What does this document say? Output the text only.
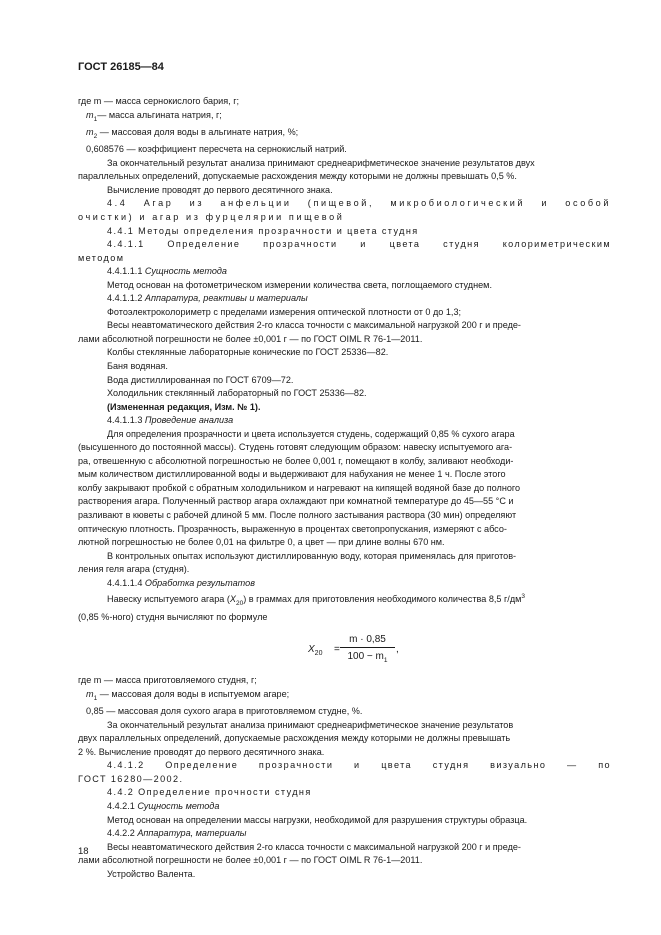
ГОСТ 26185—84

где m — масса сернокислого бария, г;

$m_1—$ масса альгината натрия, г;

$m_2$ — массовая доля воды в альгинате натрия, %;

0,608576 — коэффициент пересчета на сернокислый натрий.

За окончательный результат анализа принимают среднеарифметическое значение результатов двух

параллельных определений, допускаемые расхождения между которыми не должны превышать 0,5 %.

Вычисление проводят до первого десятичного знака.

4.4 Агар из анфельции (пищевой, микробиологический и особой

очистки) и агар из фурцелярии пищевой

4.4.1 Методы определения прозрачности и цвета студня

4.4.1.1 Определение прозрачности и цвета студня колориметрическим

методом

4.4.1.1.1 Сущность метода

Метод основан на фотометрическом измерении количества света, поглощаемого студнем.

4.4.1.1.2 Аппаратура, реактивы и материалы

Фотоэлектроколориметр с пределами измерения оптической плотности от 0 до 1,3;

Весы неавтоматического действия 2-го класса точности с максимальной нагрузкой 200 г и преде-

лами абсолютной погрешности не более ±0,001 г — по ГОСТ OIML R 76-1—2011.

Колбы стеклянные лабораторные конические по ГОСТ 25336—82.

Баня водяная.

Вода дистиллированная по ГОСТ 6709—72.

Холодильник стеклянный лабораторный по ГОСТ 25336—82.

(Измененная редакция, Изм. № 1).

4.4.1.1.3 Проведение анализа

Для определения прозрачности и цвета используется студень, содержащий 0,85 % сухого агара

(высушенного до постоянной массы). Студень готовят следующим образом: навеску испытуемого ага-

ра, отвешенную с абсолютной погрешностью не более 0,001 г, помещают в колбу, заливают необходи-

мым количеством дистиллированной воды и выдерживают для набухания не менее 1 ч. После этого

колбу закрывают пробкой с обратным холодильником и нагревают на кипящей водяной базе до полного

растворения агара. Полученный раствор агара охлаждают при комнатной температуре до 45—55 °С и

разливают в кюветы с рабочей длиной 5 мм. После полного застывания раствора (30 мин) определяют

оптическую плотность. Прозрачность, выраженную в процентах светопропускания, измеряют с абсо-

лютной погрешностью не более 0,01 на фильтре 0, а цвет — при длине волны 670 нм.

В контрольных опытах используют дистиллированную воду, которая применялась для приготов-

ления геля агара (студня).

4.4.1.1.4 Обработка результатов

Навеску испытуемого агара $(X_{20})$ в граммах для приготовления необходимого количества 8,5 $г/дм^3$

(0,85 %-ного) студня вычисляют по формуле

$X_{20}$ =
m · 0,85
$100 - m_1$
,

где m — масса приготовляемого студня, г;

$m_1$ — массовая доля воды в испытуемом агаре;

0,85 — массовая доля сухого агара в приготовляемом студне, %.

За окончательный результат анализа принимают среднеарифметическое значение результатов

двух параллельных определений, допускаемые расхождения между которыми не должны превышать

2 %. Вычисление проводят до первого десятичного знака.

4.4.1.2 Определение прозрачности и цвета студня визуально — по

ГОСТ 16280—2002.

4.4.2 Определение прочности студня

4.4.2.1 Сущность метода

Метод основан на определении массы нагрузки, необходимой для разрушения структуры образца.

4.4.2.2 Аппаратура, материалы

Весы неавтоматического действия 2-го класса точности с максимальной нагрузкой 200 г и преде-

лами абсолютной погрешности не более ±0,001 г — по ГОСТ OIML R 76-1—2011.

Устройство Валента.

18
